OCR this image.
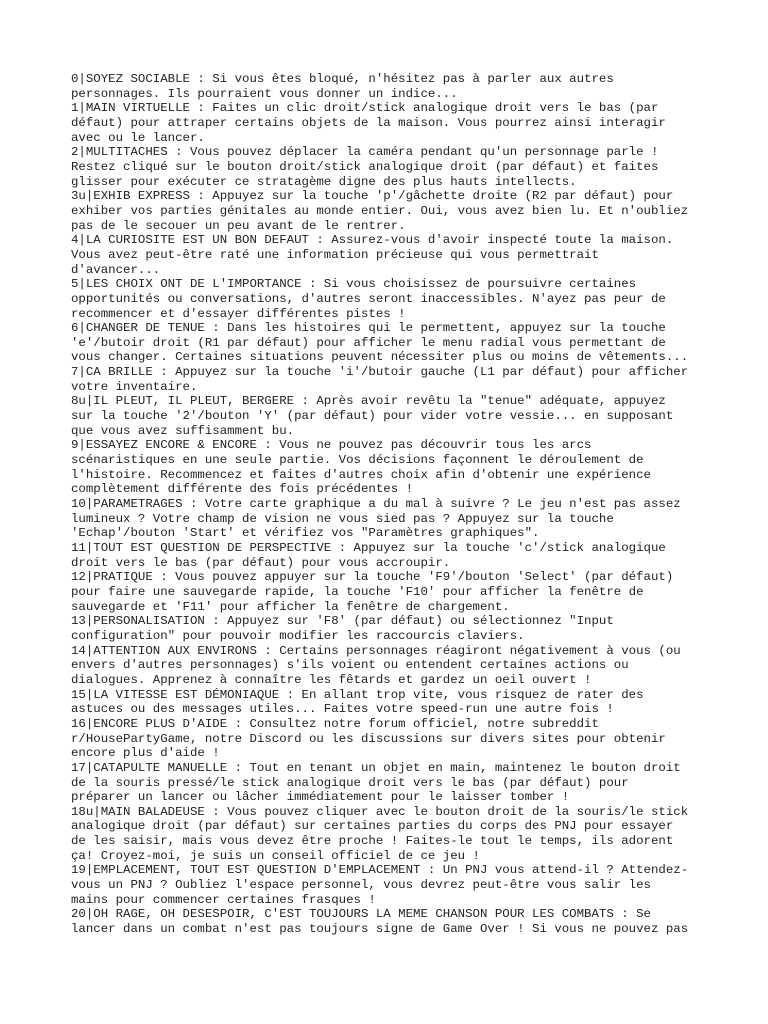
0|SOYEZ SOCIABLE : Si vous êtes bloqué, n'hésitez pas à parler aux autres
personnages. Ils pourraient vous donner un indice...

1|MAIN VIRTUELLE : Faites un clic droit/stick analogique droit vers le bas (par
défaut) pour attraper certains objets de la maison. Vous pourrez ainsi interagir
avec ou le lancer.

2|MULTITACHES : Vous pouvez déplacer la caméra pendant qu'un personnage parle !
Restez cliqué sur le bouton droit/stick analogique droit (par défaut) et faites
glisser pour exécuter ce stratagème digne des plus hauts intellects.

3u|EXHIB EXPRESS : Appuyez sur la touche 'p'/gâchette droite (R2 par défaut) pour
exhiber vos parties génitales au monde entier. Oui, vous avez bien lu. Et n'oubliez
pas de le secouer un peu avant de le rentrer.

4|LA CURIOSITE EST UN BON DEFAUT : Assurez-vous d'avoir inspecté toute la maison.
Vous avez peut-être raté une information précieuse qui vous permettrait
d'avancer...

5|LES CHOIX ONT DE L'IMPORTANCE : Si vous choisissez de poursuivre certaines
opportunités ou conversations, d'autres seront inaccessibles. N'ayez pas peur de
recommencer et d'essayer différentes pistes !

6|CHANGER DE TENUE : Dans les histoires qui le permettent, appuyez sur la touche
'e'/butoir droit (R1 par défaut) pour afficher le menu radial vous permettant de
vous changer. Certaines situations peuvent nécessiter plus ou moins de vêtements...

7|CA BRILLE : Appuyez sur la touche 'i'/butoir gauche (L1 par défaut) pour afficher
votre inventaire.

8u|IL PLEUT, IL PLEUT, BERGERE : Après avoir revêtu la "tenue" adéquate, appuyez
sur la touche '2'/bouton 'Y' (par défaut) pour vider votre vessie... en supposant
que vous avez suffisamment bu.

9|ESSAYEZ ENCORE & ENCORE : Vous ne pouvez pas découvrir tous les arcs
scénaristiques en une seule partie. Vos décisions façonnent le déroulement de
l'histoire. Recommencez et faites d'autres choix afin d'obtenir une expérience
complètement différente des fois précédentes !

10|PARAMETRAGES : Votre carte graphique a du mal à suivre ? Le jeu n'est pas assez
lumineux ? Votre champ de vision ne vous sied pas ? Appuyez sur la touche
'Echap'/bouton 'Start' et vérifiez vos "Paramètres graphiques".

11|TOUT EST QUESTION DE PERSPECTIVE : Appuyez sur la touche 'c'/stick analogique
droit vers le bas (par défaut) pour vous accroupir.

12|PRATIQUE : Vous pouvez appuyer sur la touche 'F9'/bouton 'Select' (par défaut)
pour faire une sauvegarde rapide, la touche 'F10' pour afficher la fenêtre de
sauvegarde et 'F11' pour afficher la fenêtre de chargement.

13|PERSONALISATION : Appuyez sur 'F8' (par défaut) ou sélectionnez "Input
configuration" pour pouvoir modifier les raccourcis claviers.

14|ATTENTION AUX ENVIRONS : Certains personnages réagiront négativement à vous (ou
envers d'autres personnages) s'ils voient ou entendent certaines actions ou
dialogues. Apprenez à connaître les fêtards et gardez un oeil ouvert !

15|LA VITESSE EST DÉMONIAQUE : En allant trop vite, vous risquez de rater des
astuces ou des messages utiles... Faites votre speed-run une autre fois !

16|ENCORE PLUS D'AIDE : Consultez notre forum officiel, notre subreddit
r/HousePartyGame, notre Discord ou les discussions sur divers sites pour obtenir
encore plus d'aide !

17|CATAPULTE MANUELLE : Tout en tenant un objet en main, maintenez le bouton droit
de la souris pressé/le stick analogique droit vers le bas (par défaut) pour
préparer un lancer ou lâcher immédiatement pour le laisser tomber !

18u|MAIN BALADEUSE : Vous pouvez cliquer avec le bouton droit de la souris/le stick
analogique droit (par défaut) sur certaines parties du corps des PNJ pour essayer
de les saisir, mais vous devez être proche ! Faites-le tout le temps, ils adorent
ça! Croyez-moi, je suis un conseil officiel de ce jeu !

19|EMPLACEMENT, TOUT EST QUESTION D'EMPLACEMENT : Un PNJ vous attend-il ? Attendez-
vous un PNJ ? Oubliez l'espace personnel, vous devrez peut-être vous salir les
mains pour commencer certaines frasques !

20|OH RAGE, OH DESESPOIR, C'EST TOUJOURS LA MEME CHANSON POUR LES COMBATS : Se
lancer dans un combat n'est pas toujours signe de Game Over ! Si vous ne pouvez pas
